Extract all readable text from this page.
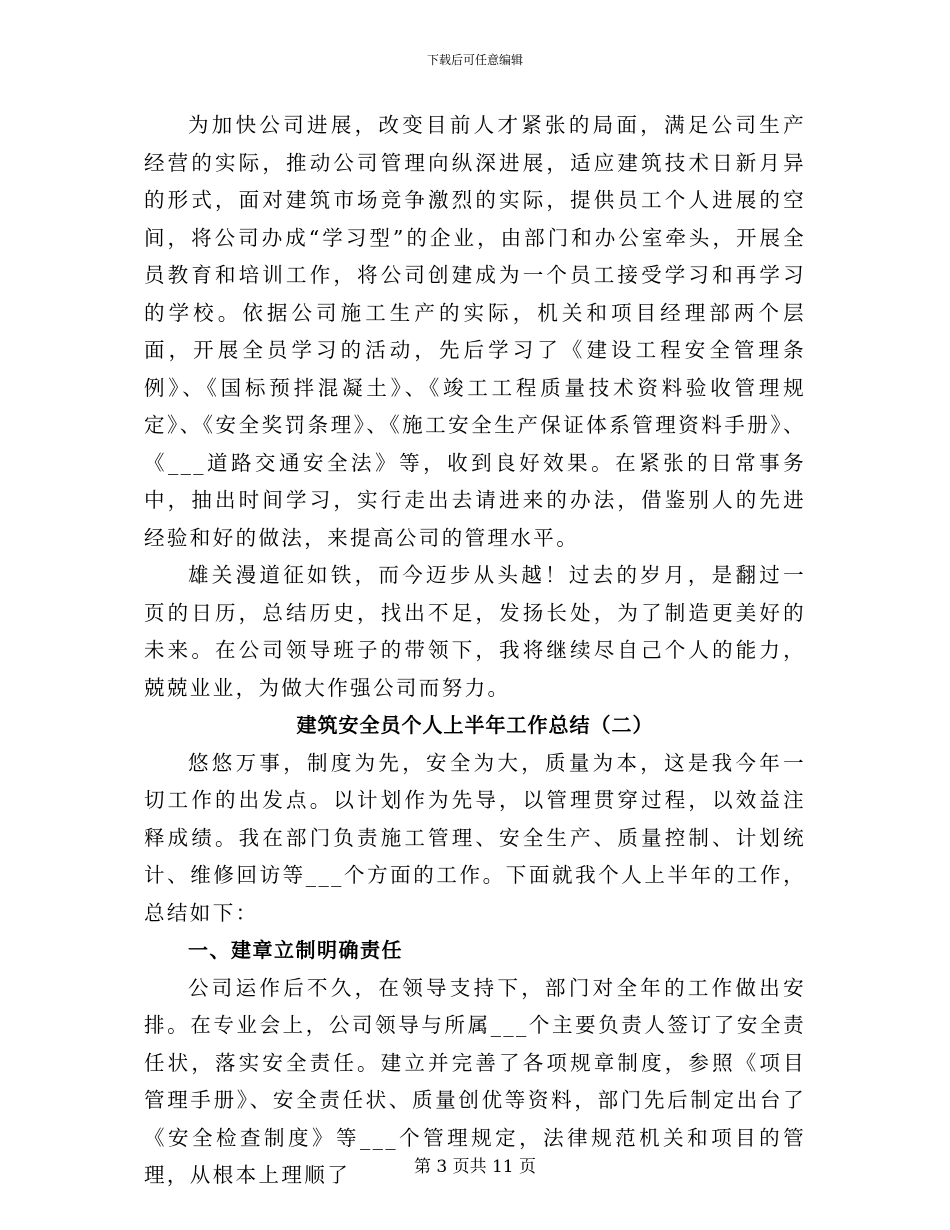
下载后可任意编辑

为加快公司进展，改变目前人才紧张的局面，满足公司生产经营的实际，推动公司管理向纵深进展，适应建筑技术日新月异的形式，面对建筑市场竞争激烈的实际，提供员工个人进展的空间，将公司办成“学习型”的企业，由部门和办公室牵头，开展全员教育和培训工作，将公司创建成为一个员工接受学习和再学习的学校。依据公司施工生产的实际，机关和项目经理部两个层面，开展全员学习的活动，先后学习了《建设工程安全管理条例》、《国标预拌混凝土》、《竣工工程质量技术资料验收管理规定》、《安全奖罚条理》、《施工安全生产保证体系管理资料手册》、《___道路交通安全法》等，收到良好效果。在紧张的日常事务中，抽出时间学习，实行走出去请进来的办法，借鉴别人的先进经验和好的做法，来提高公司的管理水平。

雄关漫道征如铁，而今迈步从头越！过去的岁月，是翻过一页的日历，总结历史，找出不足，发扬长处，为了制造更美好的未来。在公司领导班子的带领下，我将继续尽自己个人的能力，兢兢业业，为做大作强公司而努力。

建筑安全员个人上半年工作总结（二）

悠悠万事，制度为先，安全为大，质量为本，这是我今年一切工作的出发点。以计划作为先导，以管理贯穿过程，以效益注释成绩。我在部门负责施工管理、安全生产、质量控制、计划统计、维修回访等___个方面的工作。下面就我个人上半年的工作，总结如下：

一、建章立制明确责任

公司运作后不久，在领导支持下，部门对全年的工作做出安排。在专业会上，公司领导与所属___个主要负责人签订了安全责任状，落实安全责任。建立并完善了各项规章制度，参照《项目管理手册》、安全责任状、质量创优等资料，部门先后制定出台了《安全检查制度》等___个管理规定，法律规范机关和项目的管理，从根本上理顺了	第 3 页共 11 页
